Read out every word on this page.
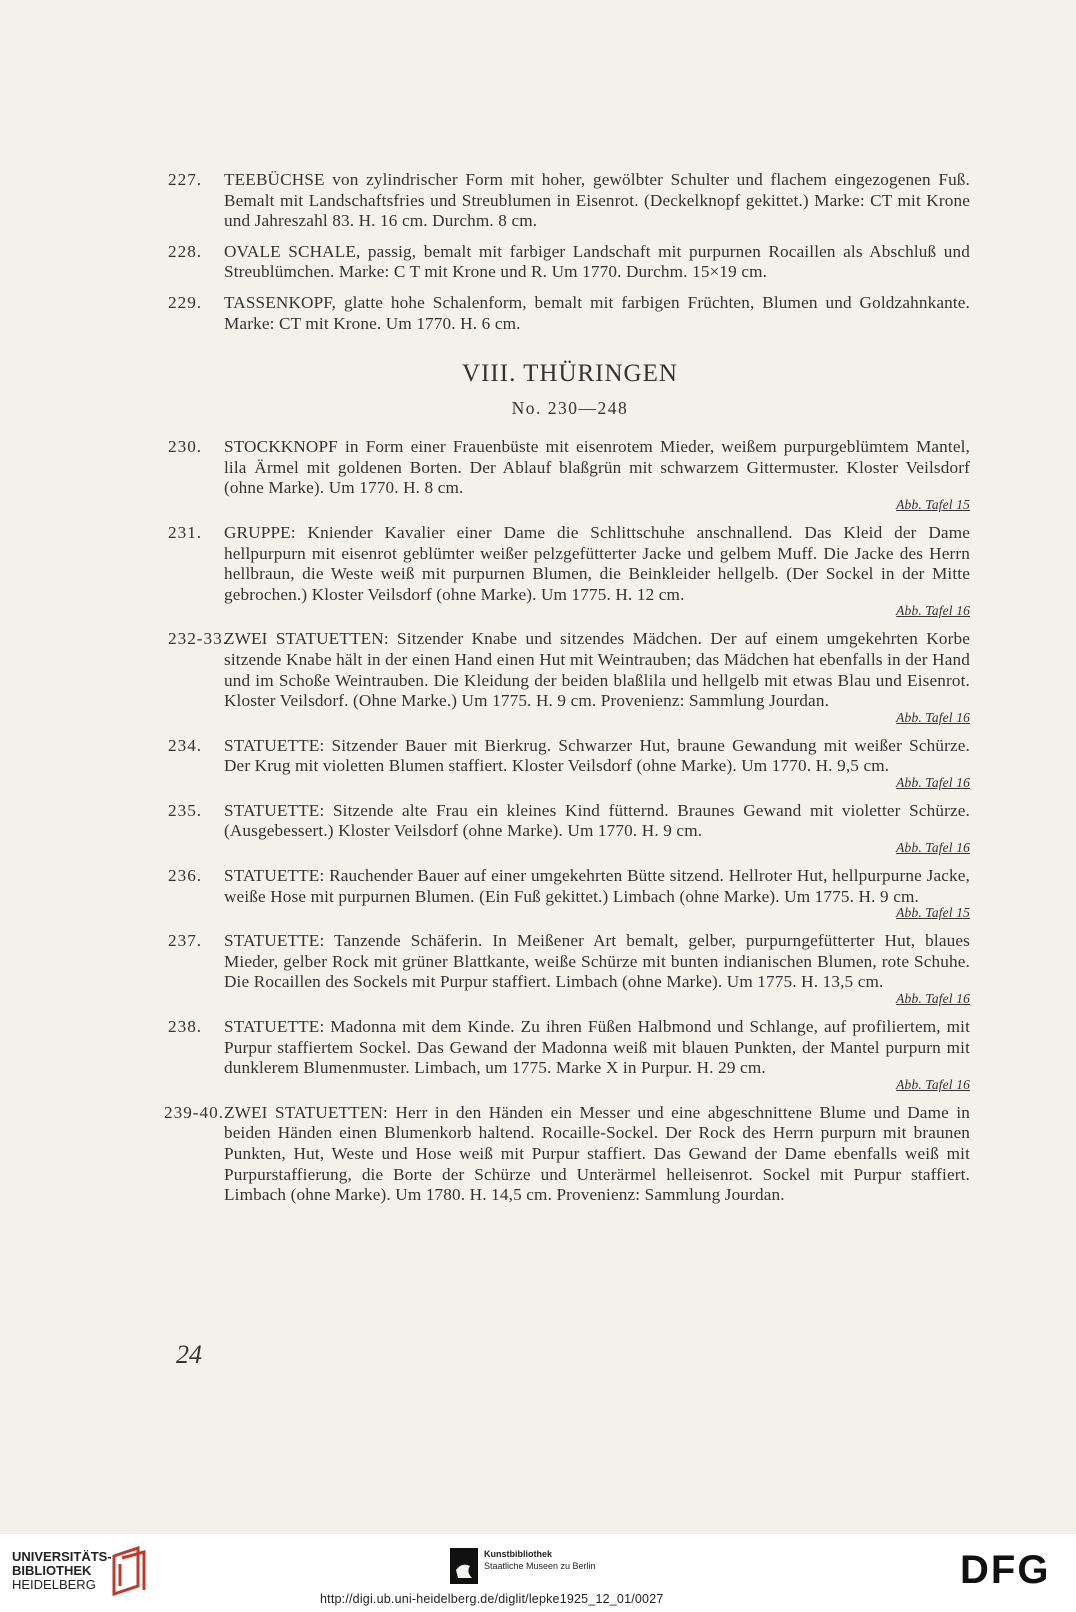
227. TEEBÜCHSE von zylindrischer Form mit hoher, gewölbter Schulter und flachem eingezogenen Fuß. Bemalt mit Landschaftsfries und Streublumen in Eisenrot. (Deckelknopf gekittet.) Marke: CT mit Krone und Jahreszahl 83. H. 16 cm. Durchm. 8 cm.
228. OVALE SCHALE, passig, bemalt mit farbiger Landschaft mit purpurnen Rocaillen als Abschluß und Streublümchen. Marke: C T mit Krone und R. Um 1770. Durchm. 15×19 cm.
229. TASSENKOPF, glatte hohe Schalenform, bemalt mit farbigen Früchten, Blumen und Goldzahnkante. Marke: CT mit Krone. Um 1770. H. 6 cm.
VIII. THÜRINGEN
No. 230—248
230. STOCKKNOPF in Form einer Frauenbüste mit eisenrotem Mieder, weißem purpurgeblümtem Mantel, lila Ärmel mit goldenen Borten. Der Ablauf blaßgrün mit schwarzem Gittermuster. Kloster Veilsdorf (ohne Marke). Um 1770. H. 8 cm.
Abb. Tafel 15
231. GRUPPE: Kniender Kavalier einer Dame die Schlittschuhe anschnallend. Das Kleid der Dame hellpurpurn mit eisenrot geblümter weißer pelzgefütterter Jacke und gelbem Muff. Die Jacke des Herrn hellbraun, die Weste weiß mit purpurnen Blumen, die Beinkleider hellgelb. (Der Sockel in der Mitte gebrochen.) Kloster Veilsdorf (ohne Marke). Um 1775. H. 12 cm.
Abb. Tafel 16
232-33.
ZWEI STATUETTEN: Sitzender Knabe und sitzendes Mädchen. Der auf einem umgekehrten Korbe sitzende Knabe hält in der einen Hand einen Hut mit Weintrauben; das Mädchen hat ebenfalls in der Hand und im Schoße Weintrauben. Die Kleidung der beiden blaßlila und hellgelb mit etwas Blau und Eisenrot. Kloster Veilsdorf. (Ohne Marke.) Um 1775. H. 9 cm. Provenienz: Sammlung Jourdan.
Abb. Tafel 16
234. STATUETTE: Sitzender Bauer mit Bierkrug. Schwarzer Hut, braune Gewandung mit weißer Schürze. Der Krug mit violetten Blumen staffiert. Kloster Veilsdorf (ohne Marke). Um 1770. H. 9,5 cm.
Abb. Tafel 16
235. STATUETTE: Sitzende alte Frau ein kleines Kind fütternd. Braunes Gewand mit violetter Schürze. (Ausgebessert.) Kloster Veilsdorf (ohne Marke). Um 1770. H. 9 cm.
Abb. Tafel 16
236. STATUETTE: Rauchender Bauer auf einer umgekehrten Bütte sitzend. Hellroter Hut, hellpurpurne Jacke, weiße Hose mit purpurnen Blumen. (Ein Fuß gekittet.) Limbach (ohne Marke). Um 1775. H. 9 cm.
Abb. Tafel 15
237. STATUETTE: Tanzende Schäferin. In Meißener Art bemalt, gelber, purpurngefütterter Hut, blaues Mieder, gelber Rock mit grüner Blattkante, weiße Schürze mit bunten indianischen Blumen, rote Schuhe. Die Rocaillen des Sockels mit Purpur staffiert. Limbach (ohne Marke). Um 1775. H. 13,5 cm.
Abb. Tafel 16
238. STATUETTE: Madonna mit dem Kinde. Zu ihren Füßen Halbmond und Schlange, auf profiliertem, mit Purpur staffiertem Sockel. Das Gewand der Madonna weiß mit blauen Punkten, der Mantel purpurn mit dunklerem Blumenmuster. Limbach, um 1775. Marke X in Purpur. H. 29 cm.
Abb. Tafel 16
239-40. ZWEI STATUETTEN: Herr in den Händen ein Messer und eine abgeschnittene Blume und Dame in beiden Händen einen Blumenkorb haltend. Rocaille-Sockel. Der Rock des Herrn purpurn mit braunen Punkten, Hut, Weste und Hose weiß mit Purpur staffiert. Das Gewand der Dame ebenfalls weiß mit Purpurstaffierung, die Borte der Schürze und Unterärmel helleisenrot. Sockel mit Purpur staffiert. Limbach (ohne Marke). Um 1780. H. 14,5 cm. Provenienz: Sammlung Jourdan.
24
UNIVERSITÄTS-
BIBLIOTHEK
HEIDELBERG
Kunstbibliothek
Staatliche Museen zu Berlin	DFG
http://digi.ub.uni-heidelberg.de/diglit/lepke1925_12_01/0027
